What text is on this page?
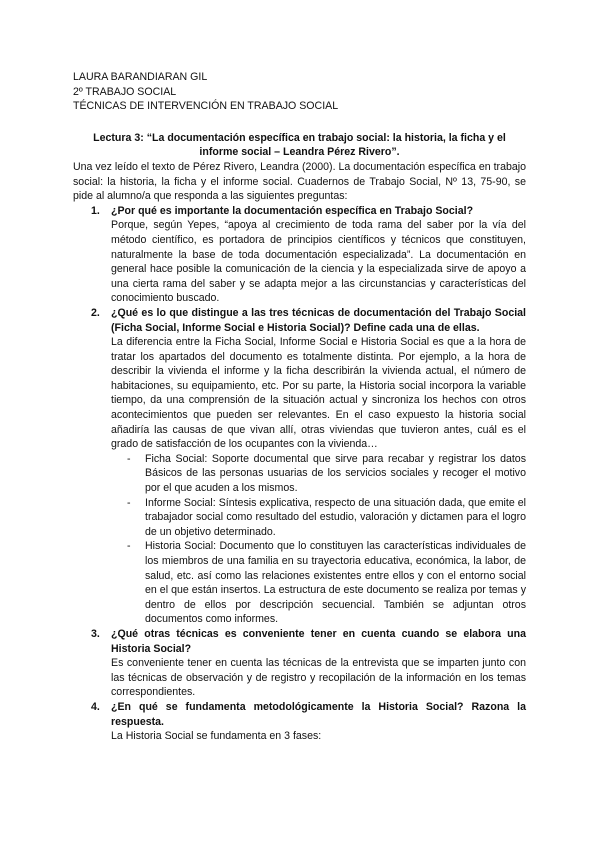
LAURA BARANDIARAN GIL
2º TRABAJO SOCIAL
TÉCNICAS DE INTERVENCIÓN EN TRABAJO SOCIAL
Lectura 3: “La documentación específica en trabajo social: la historia, la ficha y el informe social – Leandra Pérez Rivero”.
Una vez leído el texto de Pérez Rivero, Leandra (2000). La documentación específica en trabajo social: la historia, la ficha y el informe social. Cuadernos de Trabajo Social, Nº 13, 75-90, se pide al alumno/a que responda a las siguientes preguntas:
1. ¿Por qué es importante la documentación específica en Trabajo Social?
Porque, según Yepes, “apoya al crecimiento de toda rama del saber por la vía del método científico, es portadora de principios científicos y técnicos que constituyen, naturalmente la base de toda documentación especializada”. La documentación en general hace posible la comunicación de la ciencia y la especializada sirve de apoyo a una cierta rama del saber y se adapta mejor a las circunstancias y características del conocimiento buscado.
2. ¿Qué es lo que distingue a las tres técnicas de documentación del Trabajo Social (Ficha Social, Informe Social e Historia Social)? Define cada una de ellas.
La diferencia entre la Ficha Social, Informe Social e Historia Social es que a la hora de tratar los apartados del documento es totalmente distinta. Por ejemplo, a la hora de describir la vivienda el informe y la ficha describirán la vivienda actual, el número de habitaciones, su equipamiento, etc. Por su parte, la Historia social incorpora la variable tiempo, da una comprensión de la situación actual y sincroniza los hechos con otros acontecimientos que pueden ser relevantes. En el caso expuesto la historia social añadiría las causas de que vivan allí, otras viviendas que tuvieron antes, cuál es el grado de satisfacción de los ocupantes con la vivienda…
- Ficha Social: Soporte documental que sirve para recabar y registrar los datos Básicos de las personas usuarias de los servicios sociales y recoger el motivo por el que acuden a los mismos.
- Informe Social: Síntesis explicativa, respecto de una situación dada, que emite el trabajador social como resultado del estudio, valoración y dictamen para el logro de un objetivo determinado.
- Historia Social: Documento que lo constituyen las características individuales de los miembros de una familia en su trayectoria educativa, económica, la labor, de salud, etc. así como las relaciones existentes entre ellos y con el entorno social en el que están insertos. La estructura de este documento se realiza por temas y dentro de ellos por descripción secuencial. También se adjuntan otros documentos como informes.
3. ¿Qué otras técnicas es conveniente tener en cuenta cuando se elabora una Historia Social?
Es conveniente tener en cuenta las técnicas de la entrevista que se imparten junto con las técnicas de observación y de registro y recopilación de la información en los temas correspondientes.
4. ¿En qué se fundamenta metodológicamente la Historia Social? Razona la respuesta.
La Historia Social se fundamenta en 3 fases:
